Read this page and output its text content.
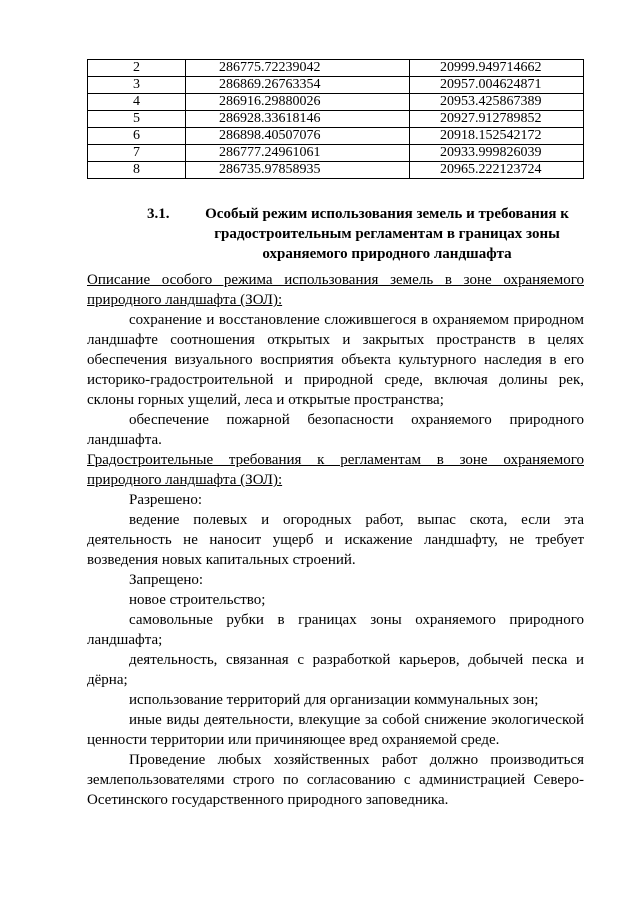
2	286775.72239042	20999.949714662
3	286869.26763354	20957.004624871
4	286916.29880026	20953.425867389
5	286928.33618146	20927.912789852
6	286898.40507076	20918.152542172
7	286777.24961061	20933.999826039
8	286735.97858935	20965.222123724
3.1.	Особый режим использования земель и требования к градостроительным регламентам в границах зоны охраняемого природного ландшафта

Описание особого режима использования земель в зоне охраняемого природного ландшафта (ЗОЛ):

сохранение и восстановление сложившегося в охраняемом природном ландшафте соотношения открытых и закрытых пространств в целях обеспечения визуального восприятия объекта культурного наследия в его историко-градостроительной и природной среде, включая долины рек, склоны горных ущелий, леса и открытые пространства;

обеспечение пожарной безопасности охраняемого природного ландшафта.

Градостроительные требования к регламентам в зоне охраняемого природного ландшафта (ЗОЛ):

Разрешено:

ведение полевых и огородных работ, выпас скота, если эта деятельность не наносит ущерб и искажение ландшафту, не требует возведения новых капитальных строений.

Запрещено:

новое строительство;

самовольные рубки в границах зоны охраняемого природного ландшафта;

деятельность, связанная с разработкой карьеров, добычей песка и дёрна;

использование территорий для организации коммунальных зон;

иные виды деятельности, влекущие за собой снижение экологической ценности территории или причиняющее вред охраняемой среде.

Проведение любых хозяйственных работ должно производиться землепользователями строго по согласованию с администрацией Северо-Осетинского государственного природного заповедника.
